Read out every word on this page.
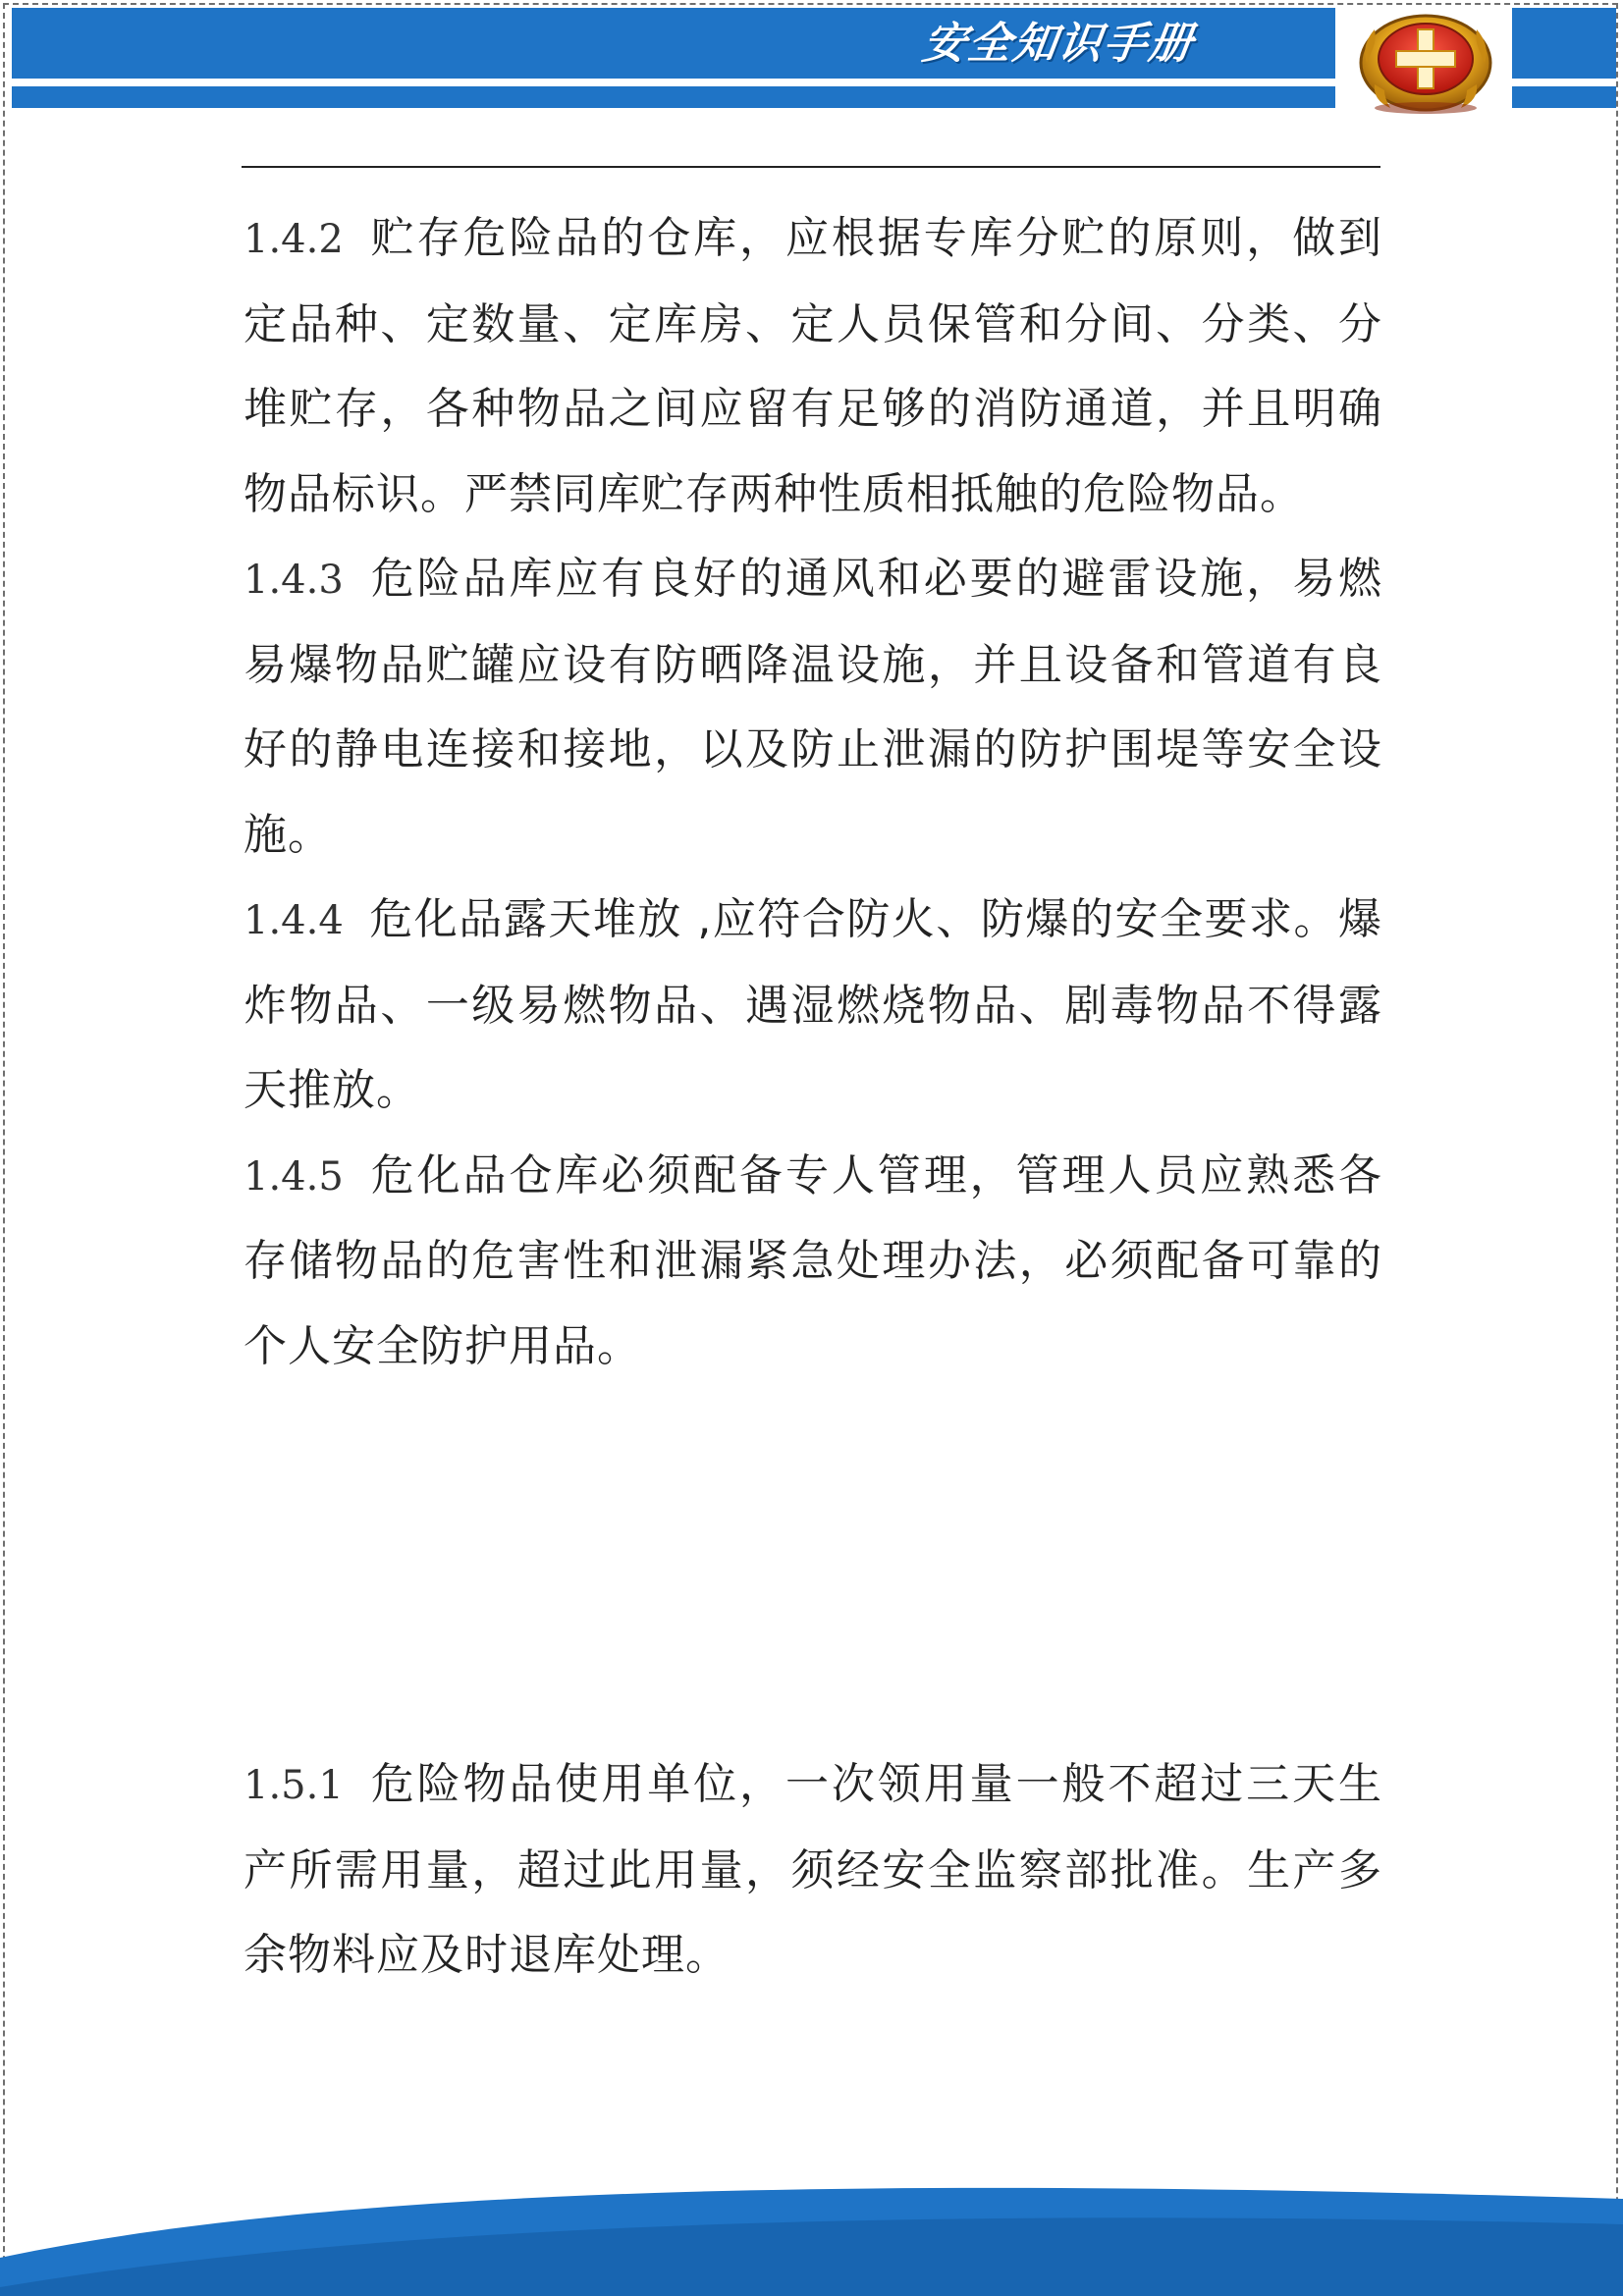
安全知识手册

1.4.2 贮存危险品的仓库，应根据专库分贮的原则，做到定品种、定数量、定库房、定人员保管和分间、分类、分堆贮存，各种物品之间应留有足够的消防通道，并且明确物品标识。严禁同库贮存两种性质相抵触的危险物品。

1.4.3 危险品库应有良好的通风和必要的避雷设施，易燃易爆物品贮罐应设有防晒降温设施，并且设备和管道有良好的静电连接和接地，以及防止泄漏的防护围堤等安全设施。

1.4.4 危化品露天堆放 ,应符合防火、防爆的安全要求。爆炸物品、一级易燃物品、遇湿燃烧物品、剧毒物品不得露天推放。

1.4.5 危化品仓库必须配备专人管理，管理人员应熟悉各存储物品的危害性和泄漏紧急处理办法，必须配备可靠的个人安全防护用品。

1.5.1 危险物品使用单位，一次领用量一般不超过三天生产所需用量，超过此用量，须经安全监察部批准。生产多余物料应及时退库处理。
